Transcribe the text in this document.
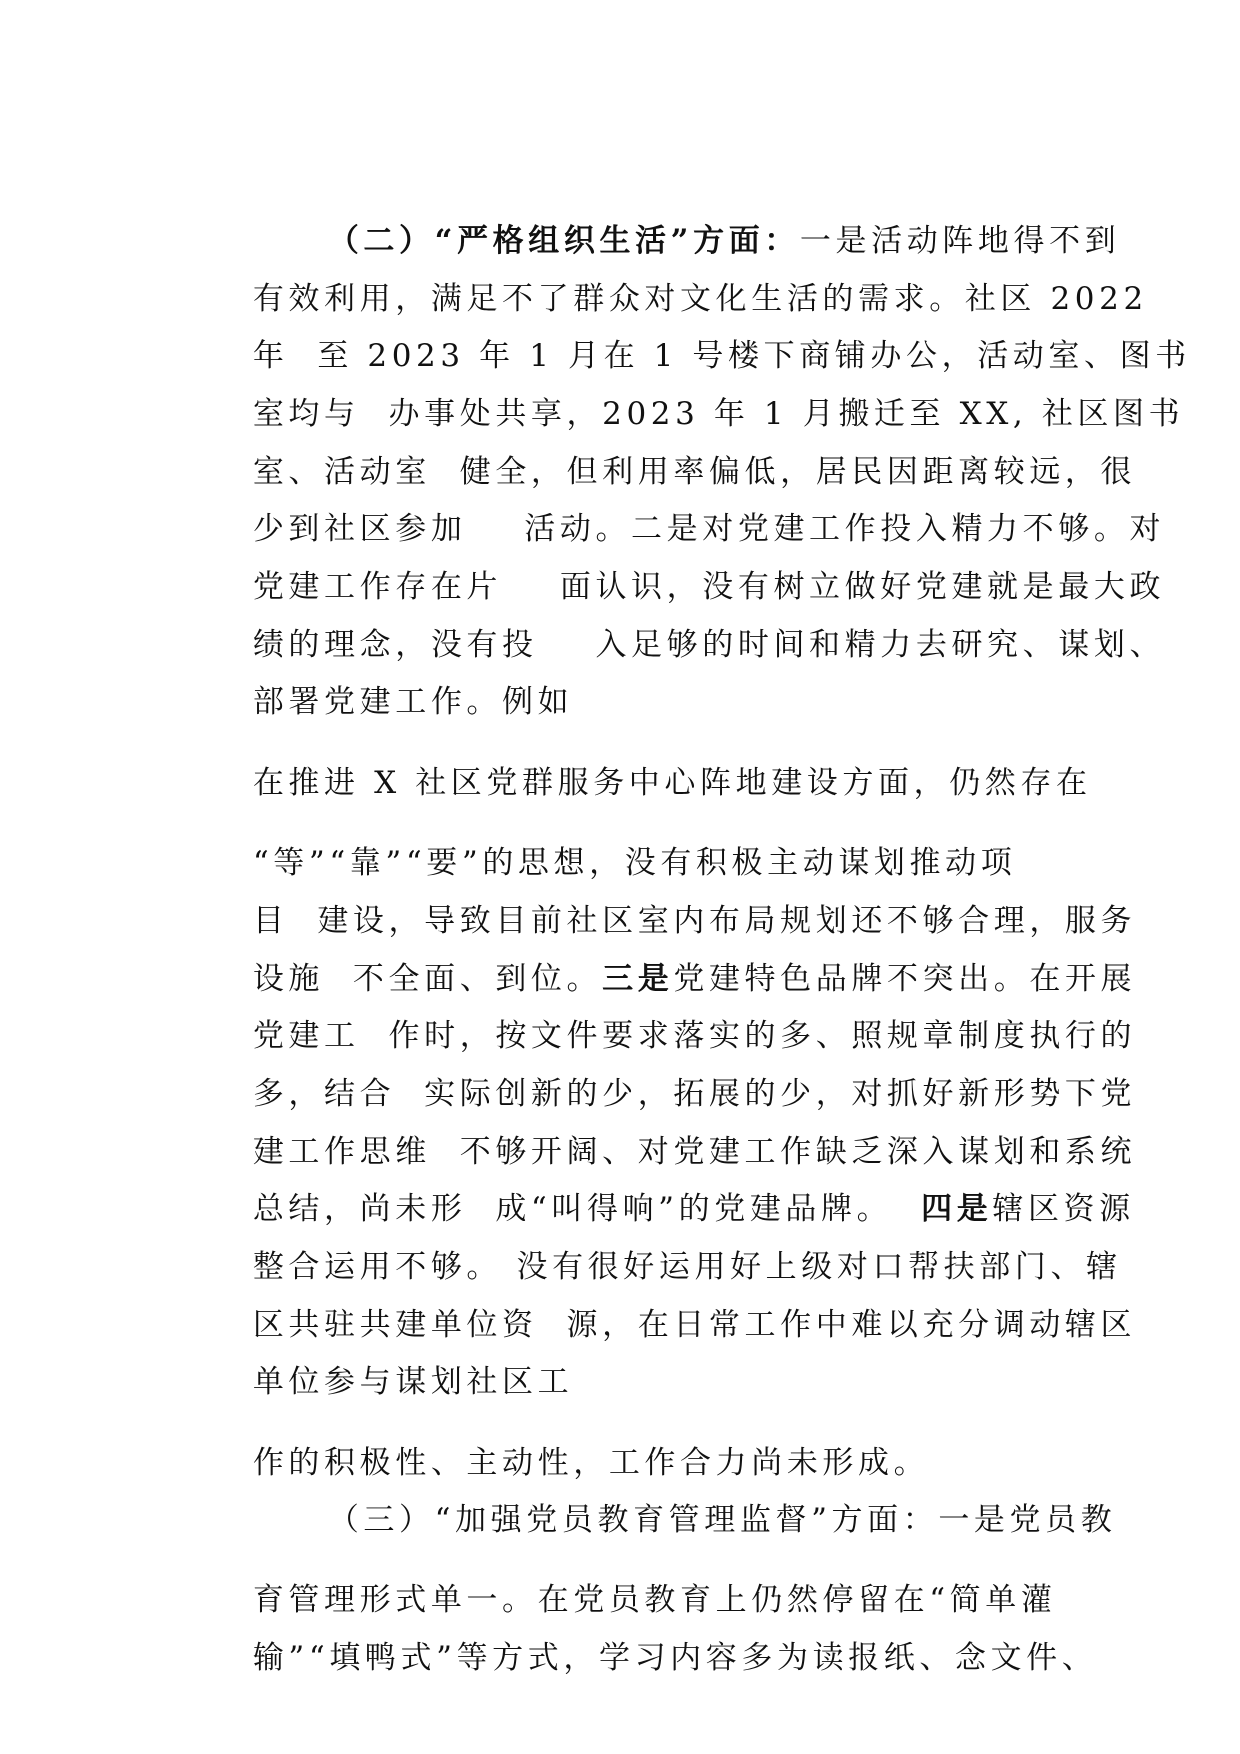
（二）“严格组织生活”方面：一是活动阵地得不到

有效利用，满足不了群众对文化生活的需求。社区 2022

年  至 2023 年 1 月在 1 号楼下商铺办公，活动室、图书

室均与  办事处共享，2023 年 1 月搬迁至 XX, 社区图书

室、活动室  健全，但利用率偏低，居民因距离较远，很

少到社区参加    活动。二是对党建工作投入精力不够。对

党建工作存在片    面认识，没有树立做好党建就是最大政

绩的理念，没有投    入足够的时间和精力去研究、谋划、

部署党建工作。例如

在推进 X 社区党群服务中心阵地建设方面，仍然存在

“等”“靠”“要”的思想，没有积极主动谋划推动项

目  建设，导致目前社区室内布局规划还不够合理，服务

设施  不全面、到位。三是党建特色品牌不突出。在开展

党建工  作时，按文件要求落实的多、照规章制度执行的

多，结合  实际创新的少，拓展的少，对抓好新形势下党

建工作思维  不够开阔、对党建工作缺乏深入谋划和系统

总结，尚未形  成“叫得响”的党建品牌。  四是辖区资源

整合运用不够。 没有很好运用好上级对口帮扶部门、辖

区共驻共建单位资  源，在日常工作中难以充分调动辖区

单位参与谋划社区工

作的积极性、主动性，工作合力尚未形成。

（三）“加强党员教育管理监督”方面：一是党员教

育管理形式单一。在党员教育上仍然停留在“简单灌

输”“填鸭式”等方式，学习内容多为读报纸、念文件、
